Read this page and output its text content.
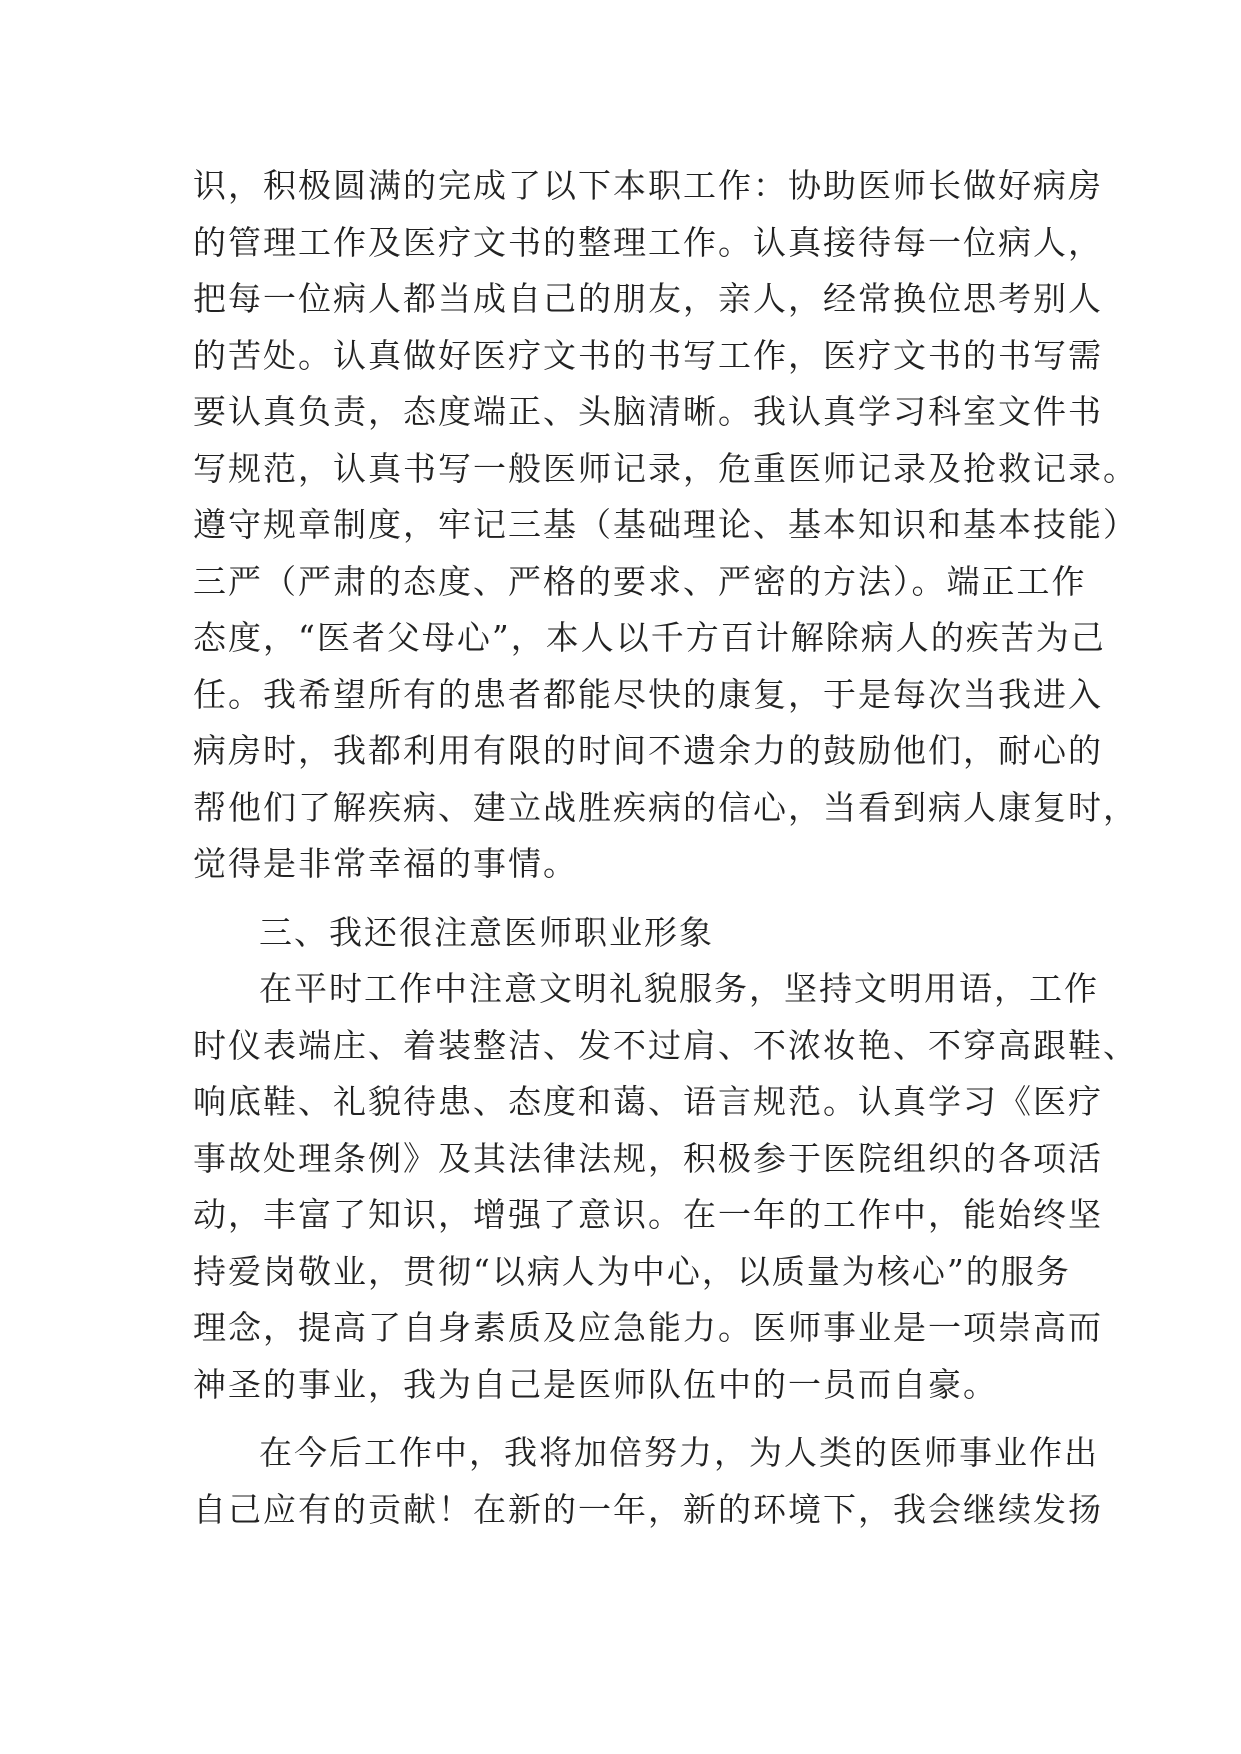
识，积极圆满的完成了以下本职工作：协助医师长做好病房
的管理工作及医疗文书的整理工作。认真接待每一位病人，
把每一位病人都当成自己的朋友，亲人，经常换位思考别人
的苦处。认真做好医疗文书的书写工作，医疗文书的书写需
要认真负责，态度端正、头脑清晰。我认真学习科室文件书
写规范，认真书写一般医师记录，危重医师记录及抢救记录。
遵守规章制度，牢记三基（基础理论、基本知识和基本技能）
三严（严肃的态度、严格的要求、严密的方法）。端正工作
态度，“医者父母心”，本人以千方百计解除病人的疾苦为己
任。我希望所有的患者都能尽快的康复，于是每次当我进入
病房时，我都利用有限的时间不遗余力的鼓励他们，耐心的
帮他们了解疾病、建立战胜疾病的信心，当看到病人康复时，
觉得是非常幸福的事情。
三、我还很注意医师职业形象
在平时工作中注意文明礼貌服务，坚持文明用语，工作
时仪表端庄、着装整洁、发不过肩、不浓妆艳、不穿高跟鞋、
响底鞋、礼貌待患、态度和蔼、语言规范。认真学习《医疗
事故处理条例》及其法律法规，积极参于医院组织的各项活
动，丰富了知识，增强了意识。在一年的工作中，能始终坚
持爱岗敬业，贯彻“以病人为中心，以质量为核心”的服务
理念，提高了自身素质及应急能力。医师事业是一项崇高而
神圣的事业，我为自己是医师队伍中的一员而自豪。
在今后工作中，我将加倍努力，为人类的医师事业作出
自己应有的贡献！在新的一年，新的环境下，我会继续发扬
